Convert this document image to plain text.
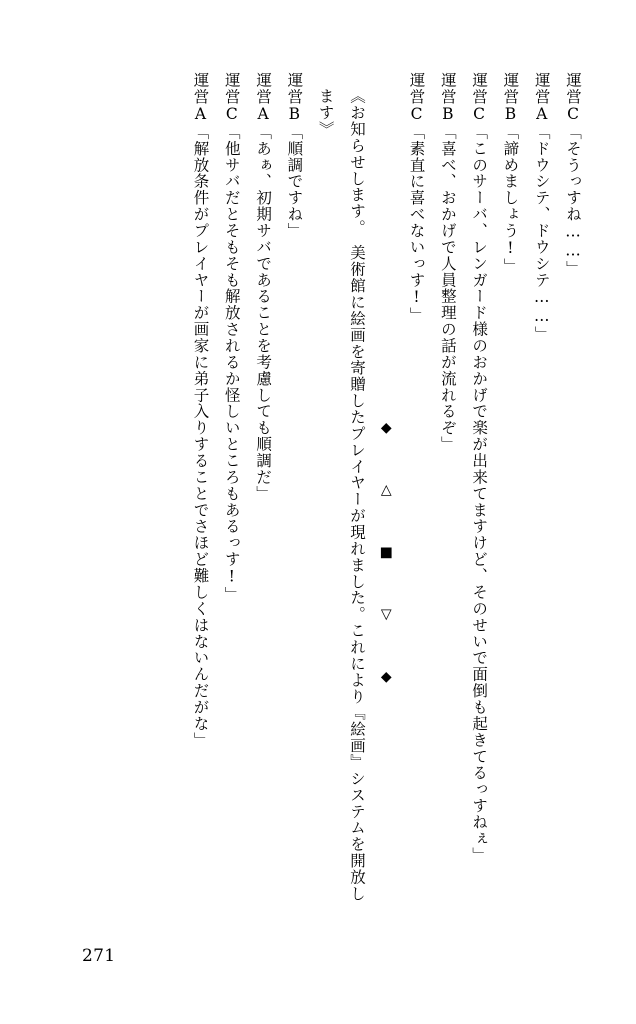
運営C「そうっすね……」
運営A「ドウシテ、ドウシテ……」
運営B「諦めましょう!」
運営C「このサーバ、レンガード様のおかげで楽が出来てますけど、そのせいで面倒も起きてるっすねぇ」
運営B「喜べ、おかげで人員整理の話が流れるぞ」
運営C「素直に喜べないっす!」
◆　△　■　▽　◆
《お知らせします。　美術館に絵画を寄贈したプレイヤーが現れました。これにより『絵画』システムを開放します》
運営B「順調ですね」
運営A「あぁ、初期サバであることを考慮しても順調だ」
運営C「他サバだとそもそも解放されるか怪しいところもあるっす!」
運営A「解放条件がプレイヤーが画家に弟子入りすることでさほど難しくはないんだがな」
271
